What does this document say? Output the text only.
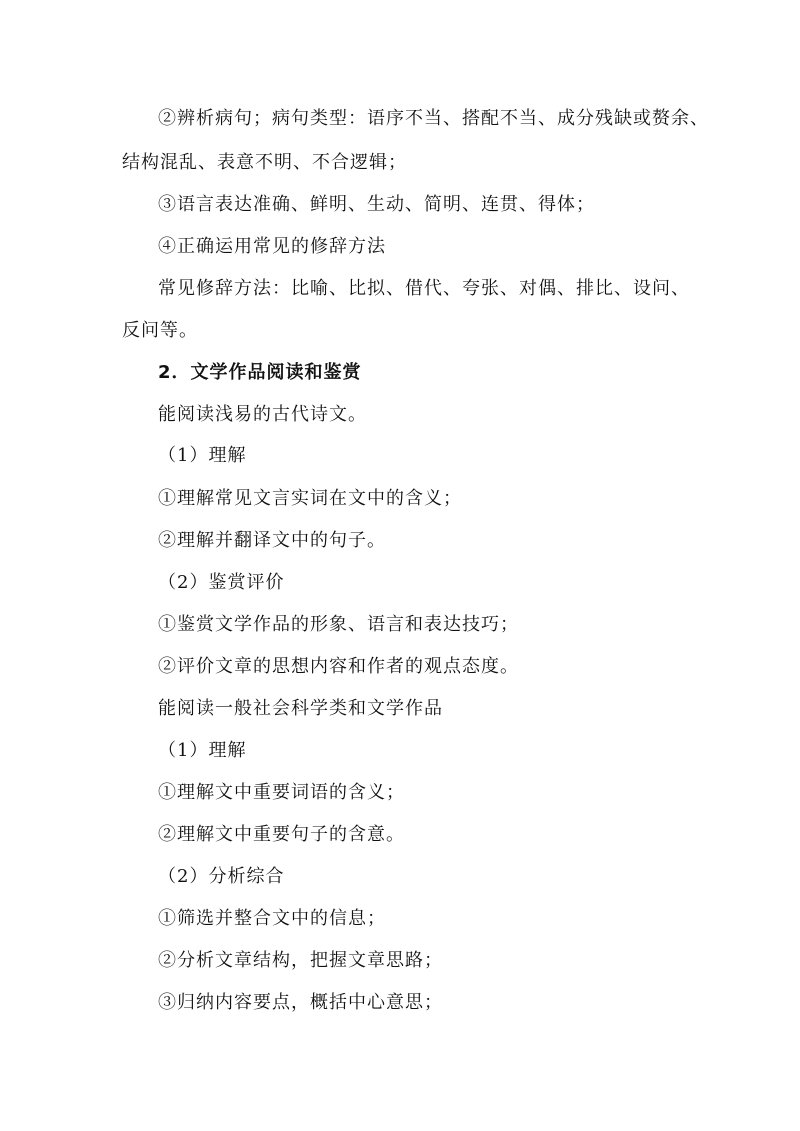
②辨析病句；病句类型：语序不当、搭配不当、成分残缺或赘余、
结构混乱、表意不明、不合逻辑；
③语言表达准确、鲜明、生动、简明、连贯、得体；
④正确运用常见的修辞方法
常见修辞方法：比喻、比拟、借代、夸张、对偶、排比、设问、
反问等。
2．文学作品阅读和鉴赏
能阅读浅易的古代诗文。
（1）理解
①理解常见文言实词在文中的含义；
②理解并翻译文中的句子。
（2）鉴赏评价
①鉴赏文学作品的形象、语言和表达技巧；
②评价文章的思想内容和作者的观点态度。
能阅读一般社会科学类和文学作品
（1）理解
①理解文中重要词语的含义；
②理解文中重要句子的含意。
（2）分析综合
①筛选并整合文中的信息；
②分析文章结构，把握文章思路；
③归纳内容要点，概括中心意思；
